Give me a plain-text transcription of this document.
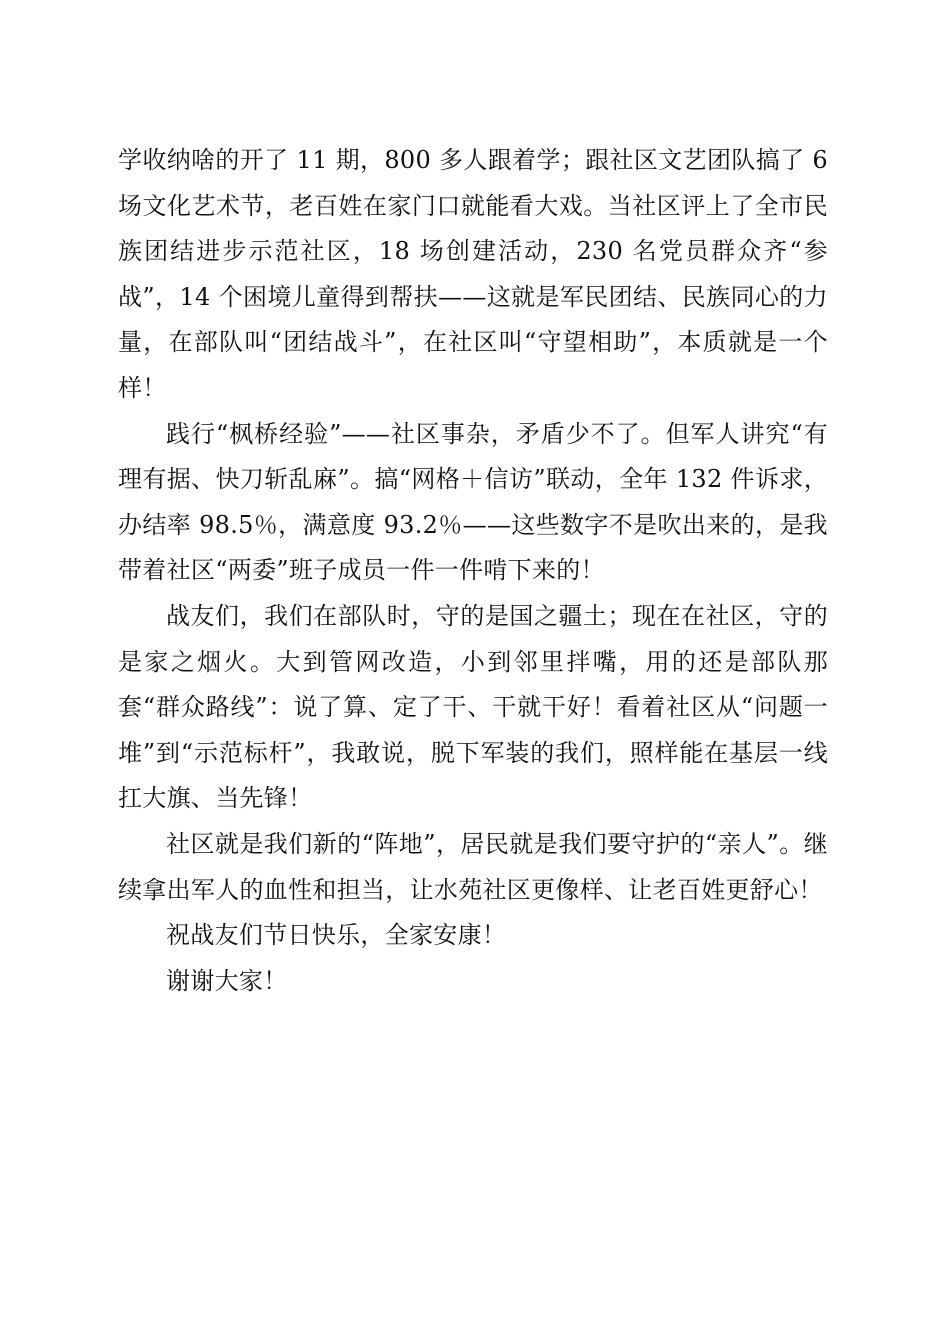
学收纳啥的开了 11 期，800 多人跟着学；跟社区文艺团队搞了 6 场文化艺术节，老百姓在家门口就能看大戏。当社区评上了全市民族团结进步示范社区，18 场创建活动，230 名党员群众齐“参战”，14 个困境儿童得到帮扶——这就是军民团结、民族同心的力量，在部队叫“团结战斗”，在社区叫“守望相助”，本质就是一个样！

践行“枫桥经验”——社区事杂，矛盾少不了。但军人讲究“有理有据、快刀斩乱麻”。搞“网格＋信访”联动，全年 132 件诉求，办结率 98.5％，满意度 93.2％——这些数字不是吹出来的，是我带着社区“两委”班子成员一件一件啃下来的！

战友们，我们在部队时，守的是国之疆土；现在在社区，守的是家之烟火。大到管网改造，小到邻里拌嘴，用的还是部队那套“群众路线”：说了算、定了干、干就干好！看着社区从“问题一堆”到“示范标杆”，我敢说，脱下军装的我们，照样能在基层一线扛大旗、当先锋！

社区就是我们新的“阵地”，居民就是我们要守护的“亲人”。继续拿出军人的血性和担当，让水苑社区更像样、让老百姓更舒心！

祝战友们节日快乐，全家安康！

谢谢大家！
